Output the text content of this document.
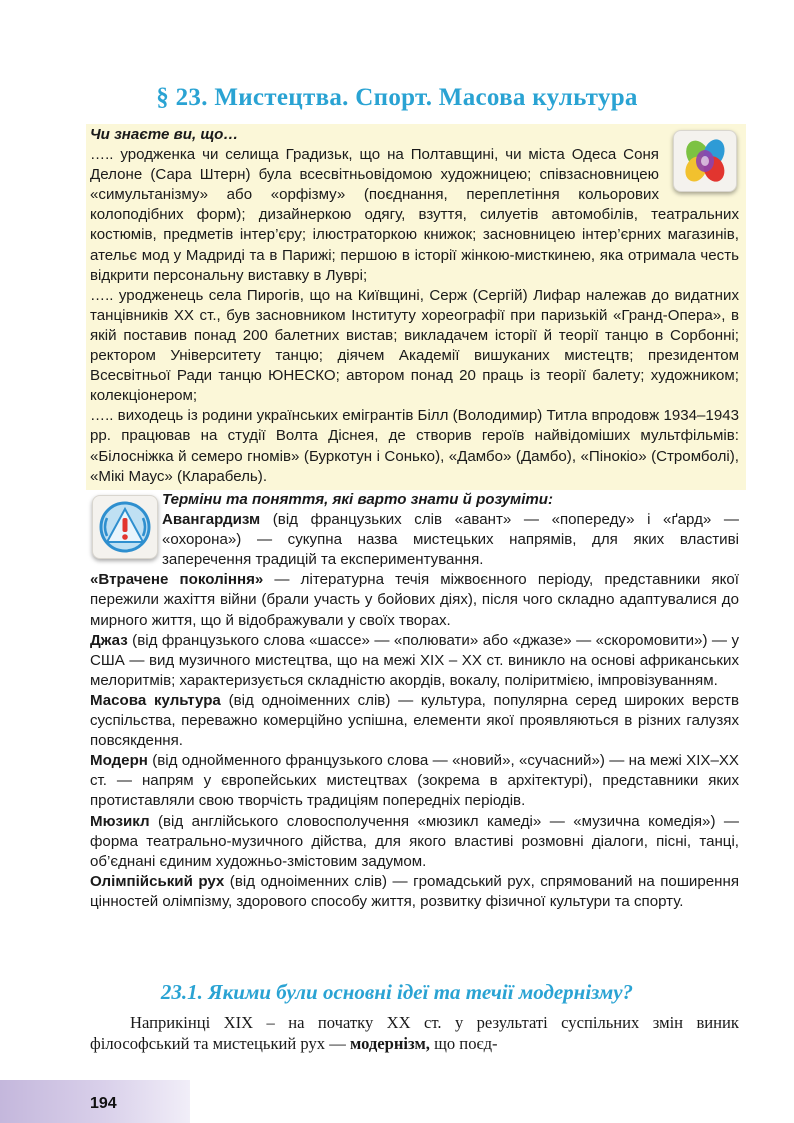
§ 23. Мистецтва. Спорт. Масова культура

Чи знаєте ви, що…

….. уродженка чи селища Градизьк, що на Полтавщині, чи міста Одеса Соня Делоне (Сара Штерн) була всесвітньовідомою художницею; співзасновницею «симультанізму» або «орфізму» (поєднання, переплетіння кольорових колоподібних форм); дизайнеркою одягу, взуття, силуетів автомобілів, театральних костюмів, предметів інтер’єру; ілюстраторкою книжок; засновницею інтер’єрних магазинів, ательє мод у Мадриді та в Парижі; першою в історії жінкою-мисткинею, яка отримала честь відкрити персональну виставку в Луврі;

….. уродженець села Пирогів, що на Київщині, Серж (Сергій) Лифар належав до видатних танцівників ХХ ст., був засновником Інституту хореографії при паризькій «Гранд-Опера», в якій поставив понад 200 балетних вистав; викладачем історії й теорії танцю в Сорбонні; ректором Університету танцю; діячем Академії вишуканих мистецтв; президентом Всесвітньої Ради танцю ЮНЕСКО; автором понад 20 праць із теорії балету; художником; колекціонером;

….. виходець із родини українських емігрантів Білл (Володимир) Титла впродовж 1934–1943 рр. працював на студії Волта Діснея, де створив героїв найвідоміших мультфільмів: «Білосніжка й семеро гномів» (Буркотун і Сонько), «Дамбо» (Дамбо), «Пінокіо» (Стромболі), «Мікі Маус» (Кларабель).

Терміни та поняття, які варто знати й розуміти:

Авангардизм (від французьких слів «авант» — «попереду» і «ґард» — «охорона») — сукупна назва мистецьких напрямів, для яких властиві заперечення традицій та експериментування.

«Втрачене покоління» — літературна течія міжвоєнного періоду, представники якої пережили жахіття війни (брали участь у бойових діях), після чого складно адаптувалися до мирного життя, що й відображували у своїх творах.

Джаз (від французького слова «шассе» — «полювати» або «джазе» — «скоромовити») — у США — вид музичного мистецтва, що на межі ХІХ – ХХ ст. виникло на основі африканських мелоритмів; характеризується складністю акордів, вокалу, поліритмією, імпровізуванням.

Масова культура (від одноіменних слів) — культура, популярна серед широких верств суспільства, переважно комерційно успішна, елементи якої проявляються в різних галузях повсякдення.

Модерн (від однойменного французького слова — «новий», «сучасний») — на межі ХІХ–ХХ ст. — напрям у європейських мистецтвах (зокрема в архітектурі), представники яких протиставляли свою творчість традиціям попередніх періодів.

Мюзикл (від англійського словосполучення «мюзикл камеді» — «музична комедія») — форма театрально-музичного дійства, для якого властиві розмовні діалоги, пісні, танці, об’єднані єдиним художньо-змістовим задумом.

Олімпійський рух (від одноіменних слів) — громадський рух, спрямований на поширення цінностей олімпізму, здорового способу життя, розвитку фізичної культури та спорту.

23.1. Якими були основні ідеї та течії модернізму?

Наприкінці ХІХ – на початку ХХ ст. у результаті суспільних змін виник філософський та мистецький рух — модернізм, що поєд-

194
